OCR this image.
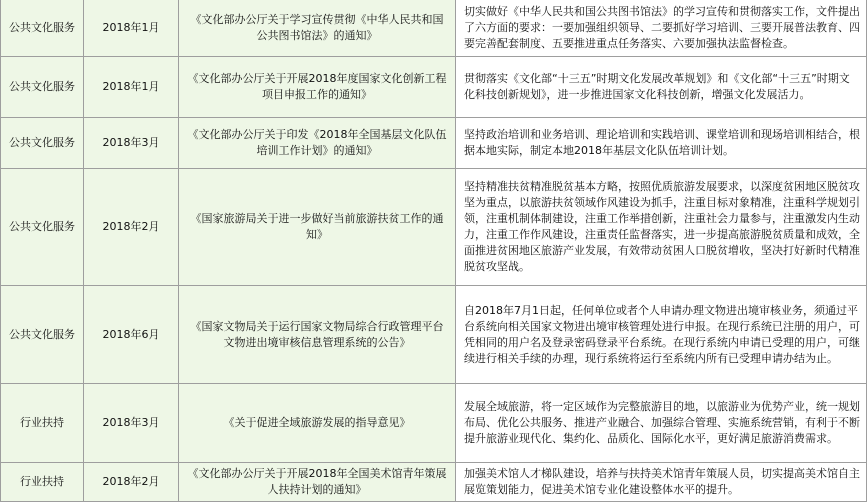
公共文化服务	2018年1月	《文化部办公厅关于学习宣传贯彻《中华人民共和国公共图书馆法》的通知》	切实做好《中华人民共和国公共图书馆法》的学习宣传和贯彻落实工作，文件提出了六方面的要求：一要加强组织领导、二要抓好学习培训、三要开展普法教育、四要完善配套制度、五要推进重点任务落实、六要加强执法监督检查。
公共文化服务	2018年1月	《文化部办公厅关于开展2018年度国家文化创新工程项目申报工作的通知》	贯彻落实《文化部“十三五”时期文化发展改革规划》和《文化部“十三五”时期文化科技创新规划》，进一步推进国家文化科技创新，增强文化发展活力。
公共文化服务	2018年3月	《文化部办公厅关于印发《2018年全国基层文化队伍培训工作计划》的通知》	坚持政治培训和业务培训、理论培训和实践培训、课堂培训和现场培训相结合，根据本地实际，制定本地2018年基层文化队伍培训计划。
公共文化服务	2018年2月	《国家旅游局关于进一步做好当前旅游扶贫工作的通知》	坚持精准扶贫精准脱贫基本方略，按照优质旅游发展要求，以深度贫困地区脱贫攻坚为重点，以旅游扶贫领域作风建设为抓手，注重目标对象精准，注重科学规划引领，注重机制体制建设，注重工作举措创新，注重社会力量参与，注重激发内生动力，注重工作作风建设，注重责任监督落实，进一步提高旅游脱贫质量和成效，全面推进贫困地区旅游产业发展，有效带动贫困人口脱贫增收，坚决打好新时代精准脱贫攻坚战。
公共文化服务	2018年6月	《国家文物局关于运行国家文物局综合行政管理平台文物进出境审核信息管理系统的公告》	自2018年7月1日起，任何单位或者个人申请办理文物进出境审核业务，须通过平台系统向相关国家文物进出境审核管理处进行申报。在现行系统已注册的用户，可凭相同的用户名及登录密码登录平台系统。在现行系统内申请已受理的用户，可继续进行相关手续的办理，现行系统将运行至系统内所有已受理申请办结为止。
行业扶持	2018年3月	《关于促进全域旅游发展的指导意见》	发展全域旅游，将一定区域作为完整旅游目的地，以旅游业为优势产业，统一规划布局、优化公共服务、推进产业融合、加强综合管理、实施系统营销，有利于不断提升旅游业现代化、集约化、品质化、国际化水平，更好满足旅游消费需求。
行业扶持	2018年2月	《文化部办公厅关于开展2018年全国美术馆青年策展人扶持计划的通知》	加强美术馆人才梯队建设，培养与扶持美术馆青年策展人员，切实提高美术馆自主展览策划能力，促进美术馆专业化建设整体水平的提升。
